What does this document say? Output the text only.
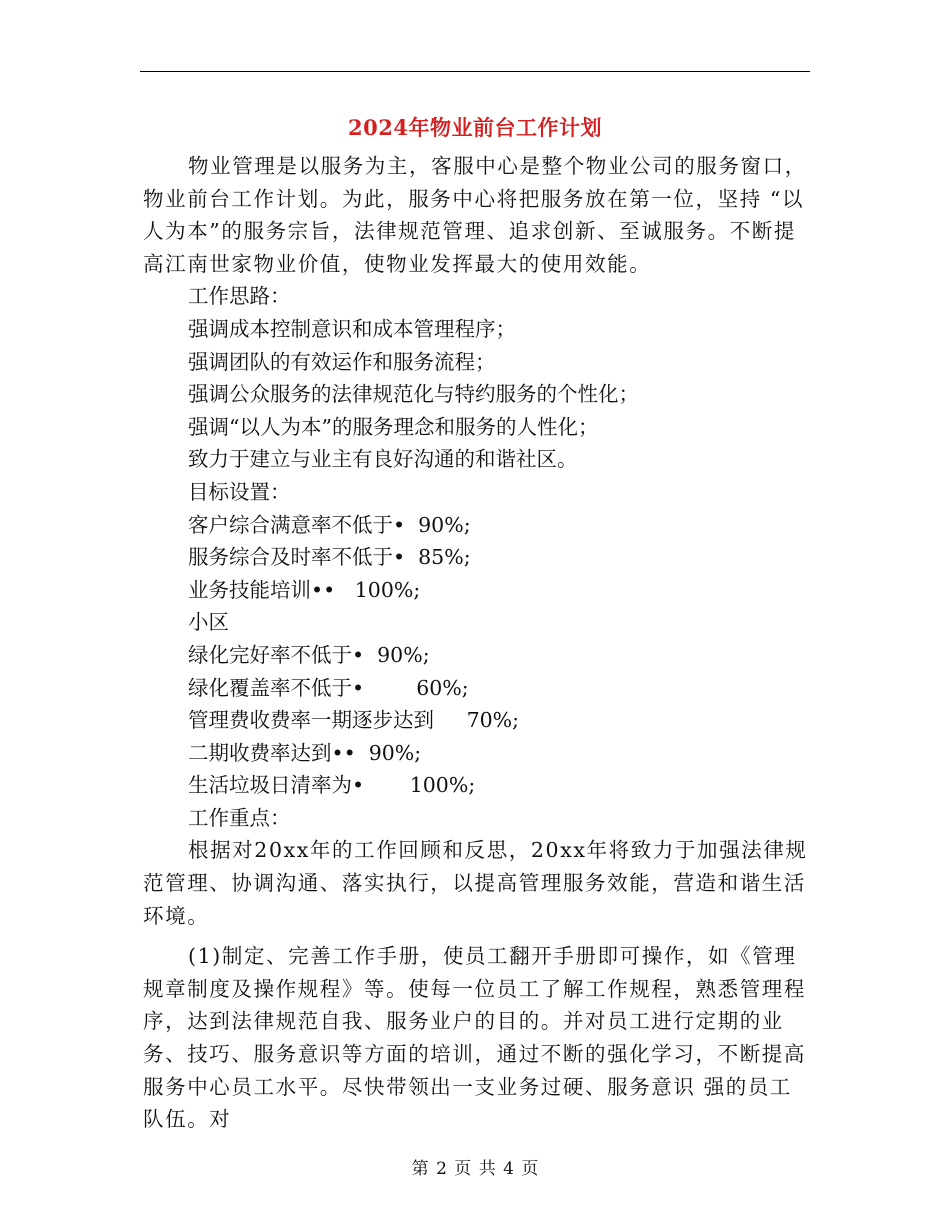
2024年物业前台工作计划

物业管理是以服务为主，客服中心是整个物业公司的服务窗口，物业前台工作计划。为此，服务中心将把服务放在第一位，坚持 “以人为本”的服务宗旨，法律规范管理、追求创新、至诚服务。不断提高江南世家物业价值，使物业发挥最大的使用效能。

工作思路：
强调成本控制意识和成本管理程序；
强调团队的有效运作和服务流程；
强调公众服务的法律规范化与特约服务的个性化；
强调“以人为本”的服务理念和服务的人性化；
致力于建立与业主有良好沟通的和谐社区。
目标设置：
客户综合满意率不低于•  90%;
服务综合及时率不低于•  85%;
业务技能培训••   100%;
小区
绿化完好率不低于•  90%;
绿化覆盖率不低于•        60%;
管理费收费率一期逐步达到     70%;
二期收费率达到••  90%;
生活垃圾日清率为•       100%;
工作重点：

根据对20xx年的工作回顾和反思，20xx年将致力于加强法律规范管理、协调沟通、落实执行，以提高管理服务效能，营造和谐生活环境。

(1)制定、完善工作手册，使员工翻开手册即可操作，如《管理规章制度及操作规程》等。使每一位员工了解工作规程，熟悉管理程序，达到法律规范自我、服务业户的目的。并对员工进行定期的业务、技巧、服务意识等方面的培训，通过不断的强化学习，不断提高服务中心员工水平。尽快带领出一支业务过硬、服务意识 强的员工队伍。对

第 2 页 共 4 页
